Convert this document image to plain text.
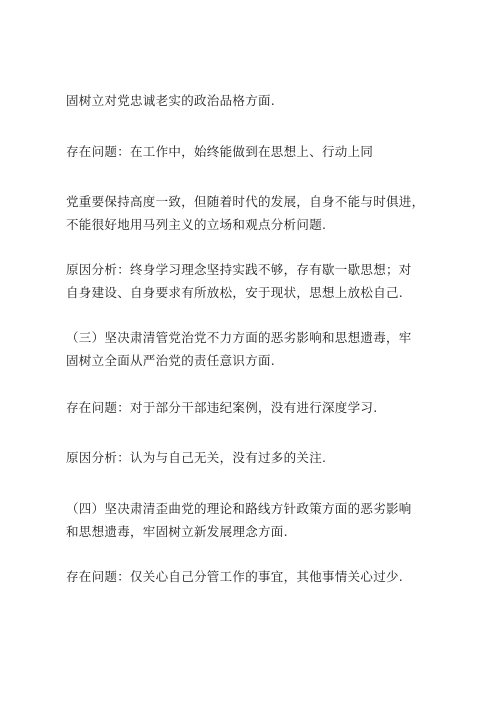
固树立对党忠诚老实的政治品格方面.

存在问题：在工作中，始终能做到在思想上、行动上同

党重要保持高度一致，但随着时代的发展，自身不能与时俱进，
不能很好地用马列主义的立场和观点分析问题.

原因分析：终身学习理念坚持实践不够，存有歇一歇思想；对
自身建设、自身要求有所放松，安于现状，思想上放松自己.

（三）坚决肃清管党治党不力方面的恶劣影响和思想遗毒，牢
固树立全面从严治党的责任意识方面.

存在问题：对于部分干部违纪案例，没有进行深度学习.

原因分析：认为与自己无关，没有过多的关注.

（四）坚决肃清歪曲党的理论和路线方针政策方面的恶劣影响
和思想遗毒，牢固树立新发展理念方面.

存在问题：仅关心自己分管工作的事宜，其他事情关心过少.
